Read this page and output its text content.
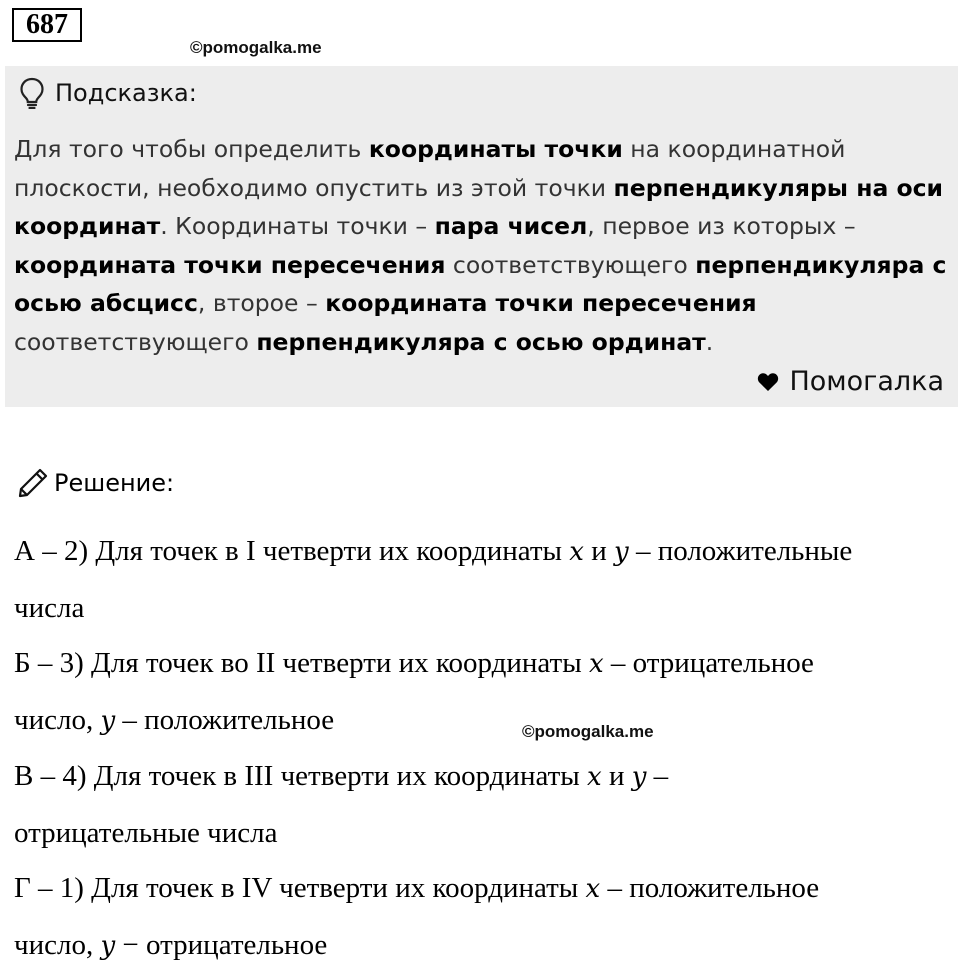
687
©pomogalka.me
Подсказка:
Для того чтобы определить координаты точки на координатной плоскости, необходимо опустить из этой точки перпендикуляры на оси координат. Координаты точки – пара чисел, первое из которых – координата точки пересечения соответствующего перпендикуляра с осью абсцисс, второе – координата точки пересечения соответствующего перпендикуляра с осью ординат.
Помогалка
Решение:
А – 2) Для точек в I четверти их координаты x и y – положительные
числа
Б – 3) Для точек во II четверти их координаты x – отрицательное
число, y – положительное
В – 4) Для точек в III четверти их координаты x и y –
отрицательные числа
Г – 1) Для точек в IV четверти их координаты x – положительное
число, y − отрицательное
©pomogalka.me
